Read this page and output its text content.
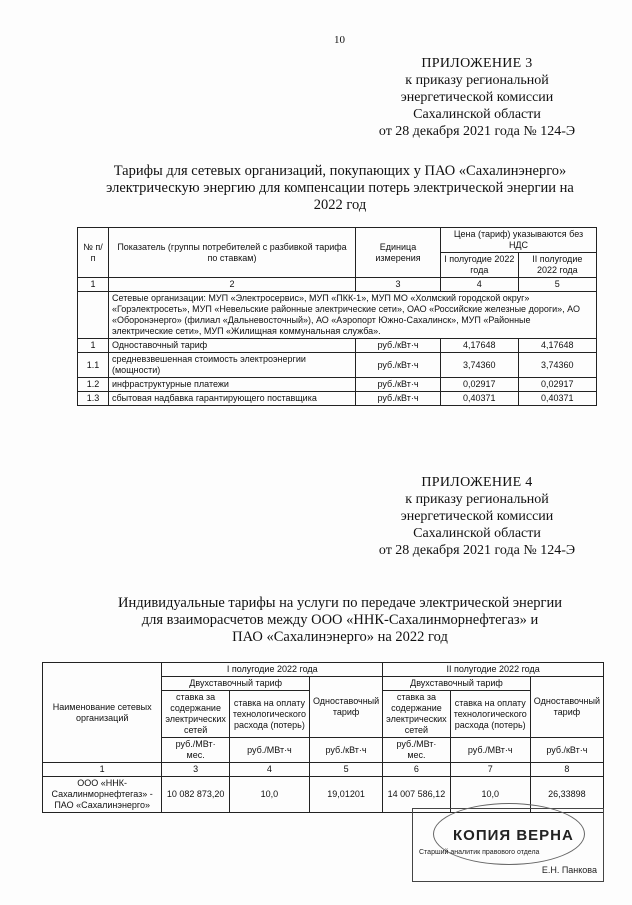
10
ПРИЛОЖЕНИЕ 3
к приказу региональной
энергетической комиссии
Сахалинской области
от 28 декабря 2021 года № 124-Э
Тарифы для сетевых организаций, покупающих у ПАО «Сахалинэнерго»
электрическую энергию для компенсации потерь электрической энергии на
2022 год
№ п/п	Показатель (группы потребителей с разбивкой тарифа по ставкам)	Единица измерения	Цена (тариф) указываются без НДС	
			I полугодие 2022 года	II полугодие 2022 года
1	2	3	4	5
	Сетевые организации: МУП «Электросервис», МУП «ПКК-1», МУП МО «Холмский городской округ» «Горэлектросеть», МУП «Невельские районные электрические сети», ОАО «Российские железные дороги», АО «Оборонэнерго» (филиал «Дальневосточный»), АО «Аэропорт Южно-Сахалинск», МУП «Районные электрические сети», МУП «Жилищная коммунальная служба».			
1	Одноставочный тариф	руб./кВт·ч	4,17648	4,17648
1.1	средневзвешенная стоимость электроэнергии (мощности)	руб./кВт·ч	3,74360	3,74360
1.2	инфраструктурные платежи	руб./кВт·ч	0,02917	0,02917
1.3	сбытовая надбавка гарантирующего поставщика	руб./кВт·ч	0,40371	0,40371
ПРИЛОЖЕНИЕ 4
к приказу региональной
энергетической комиссии
Сахалинской области
от 28 декабря 2021 года № 124-Э
Индивидуальные тарифы на услуги по передаче электрической энергии
для взаиморасчетов между ООО «ННК-Сахалинморнефтегаз» и
ПАО «Сахалинэнерго» на 2022 год
Наименование сетевых организаций	I полугодие 2022 года			II полугодие 2022 года		
	Двухставочный тариф		Одноставочный тариф	Двухставочный тариф		Одноставочный тариф
	ставка за содержание электрических сетей	ставка на оплату технологического расхода (потерь)		ставка за содержание электрических сетей	ставка на оплату технологического расхода (потерь)	
	руб./МВт· мес.	руб./МВт·ч	руб./кВт·ч	руб./МВт· мес.	руб./МВт·ч	руб./кВт·ч
1	3	4	5	6	7	8
ООО «ННК-Сахалинморнефтегаз» - ПАО «Сахалинэнерго»	10 082 873,20	10,0	19,01201	14 007 586,12	10,0	26,33898
КОПИЯ ВЕРНА
Старший аналитик правового отдела
Е.Н. Панкова
